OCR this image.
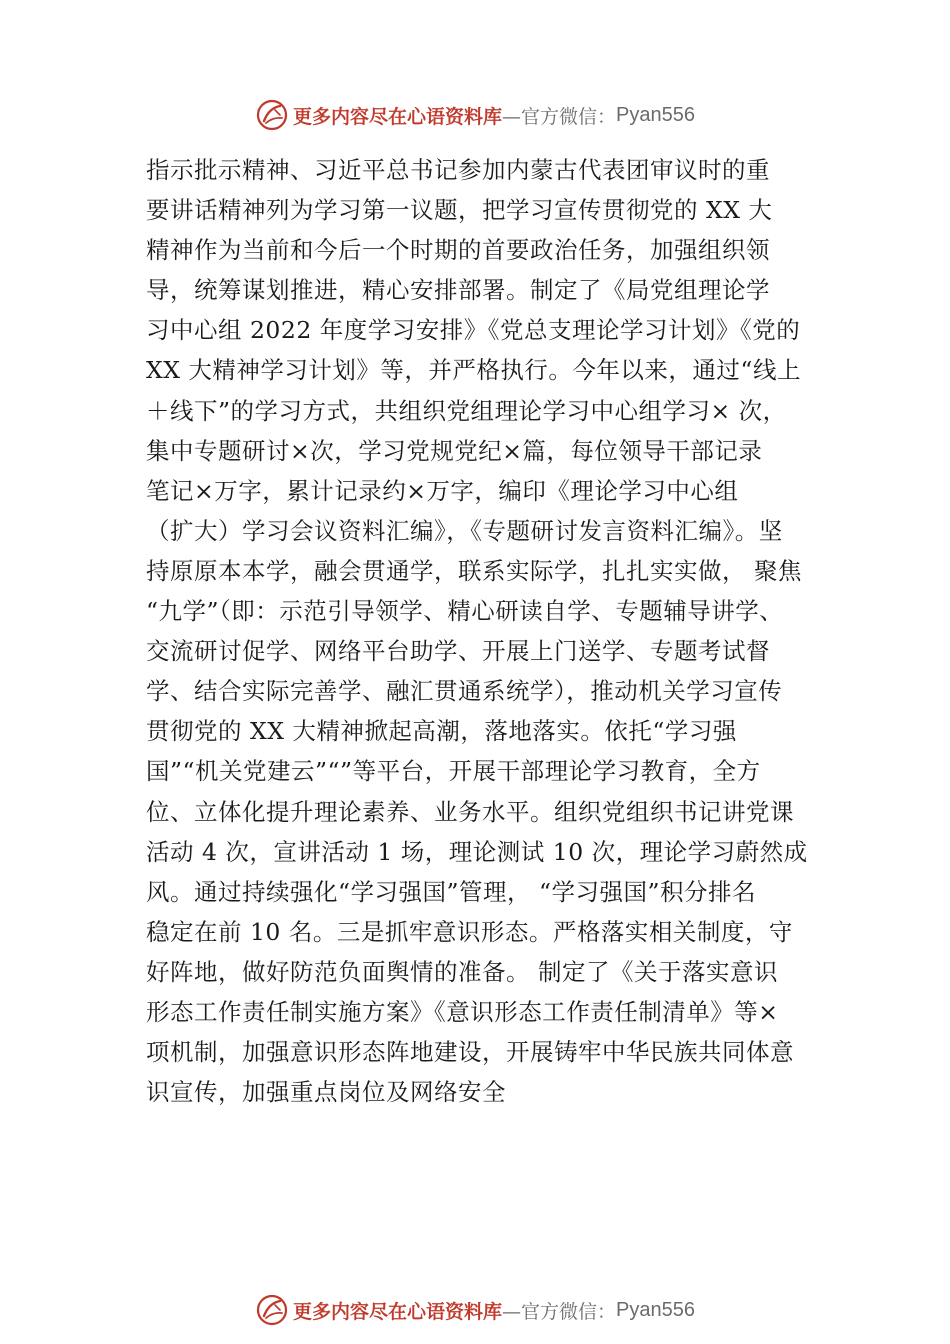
更多内容尽在心语资料库 —官方微信： Pyan556
指示批示精神、习近平总书记参加内蒙古代表团审议时的重
要讲话精神列为学习第一议题，把学习宣传贯彻党的 XX 大
精神作为当前和今后一个时期的首要政治任务，加强组织领
导，统筹谋划推进，精心安排部署。制定了《局党组理论学
习中心组 2022 年度学习安排》《党总支理论学习计划》《党的
XX 大精神学习计划》等，并严格执行。今年以来，通过“线上
＋线下”的学习方式，共组织党组理论学习中心组学习× 次，
集中专题研讨×次，学习党规党纪×篇，每位领导干部记录
笔记×万字，累计记录约×万字，编印《理论学习中心组
（扩大）学习会议资料汇编》，《专题研讨发言资料汇编》。坚
持原原本本学，融会贯通学，联系实际学，扎扎实实做， 聚焦
“九学”（即：示范引导领学、精心研读自学、专题辅导讲学、
交流研讨促学、网络平台助学、开展上门送学、专题考试督
学、结合实际完善学、融汇贯通系统学），推动机关学习宣传
贯彻党的 XX 大精神掀起高潮，落地落实。依托“学习强
国”“机关党建云”“”等平台，开展干部理论学习教育，全方
位、立体化提升理论素养、业务水平。组织党组织书记讲党课
活动 4 次，宣讲活动 1 场，理论测试 10 次，理论学习蔚然成
风。通过持续强化“学习强国”管理， “学习强国”积分排名
稳定在前 10 名。三是抓牢意识形态。严格落实相关制度，守
好阵地，做好防范负面舆情的准备。 制定了《关于落实意识
形态工作责任制实施方案》《意识形态工作责任制清单》等×
项机制，加强意识形态阵地建设，开展铸牢中华民族共同体意
识宣传，加强重点岗位及网络安全
更多内容尽在心语资料库 —官方微信： Pyan556
